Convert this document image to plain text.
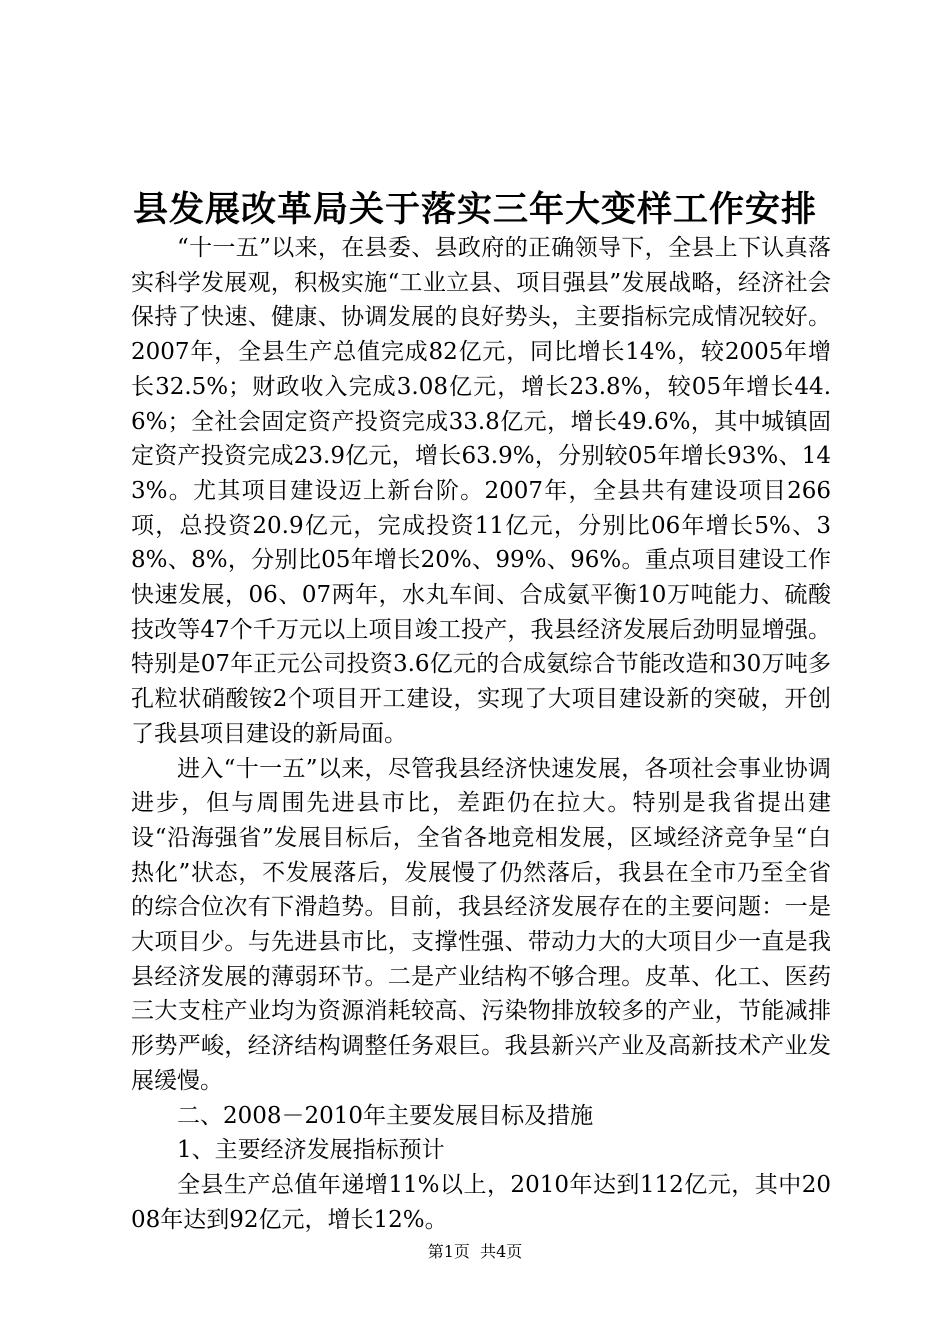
县发展改革局关于落实三年大变样工作安排

“十一五”以来，在县委、县政府的正确领导下，全县上下认真落实科学发展观，积极实施“工业立县、项目强县”发展战略，经济社会保持了快速、健康、协调发展的良好势头，主要指标完成情况较好。2007年，全县生产总值完成82亿元，同比增长14%，较2005年增长32.5%；财政收入完成3.08亿元，增长23.8%，较05年增长44.6%；全社会固定资产投资完成33.8亿元，增长49.6%，其中城镇固定资产投资完成23.9亿元，增长63.9%，分别较05年增长93%、143%。尤其项目建设迈上新台阶。2007年，全县共有建设项目266项，总投资20.9亿元，完成投资11亿元，分别比06年增长5%、38%、8%，分别比05年增长20%、99%、96%。重点项目建设工作快速发展，06、07两年，水丸车间、合成氨平衡10万吨能力、硫酸技改等47个千万元以上项目竣工投产，我县经济发展后劲明显增强。特别是07年正元公司投资3.6亿元的合成氨综合节能改造和30万吨多孔粒状硝酸铵2个项目开工建设，实现了大项目建设新的突破，开创了我县项目建设的新局面。

进入“十一五”以来，尽管我县经济快速发展，各项社会事业协调进步，但与周围先进县市比，差距仍在拉大。特别是我省提出建设“沿海强省”发展目标后，全省各地竞相发展，区域经济竞争呈“白热化”状态，不发展落后，发展慢了仍然落后，我县在全市乃至全省的综合位次有下滑趋势。目前，我县经济发展存在的主要问题：一是大项目少。与先进县市比，支撑性强、带动力大的大项目少一直是我县经济发展的薄弱环节。二是产业结构不够合理。皮革、化工、医药三大支柱产业均为资源消耗较高、污染物排放较多的产业，节能减排形势严峻，经济结构调整任务艰巨。我县新兴产业及高新技术产业发展缓慢。

二、2008－2010年主要发展目标及措施

1、主要经济发展指标预计

全县生产总值年递增11%以上，2010年达到112亿元，其中2008年达到92亿元，增长12%。

第1页  共4页
